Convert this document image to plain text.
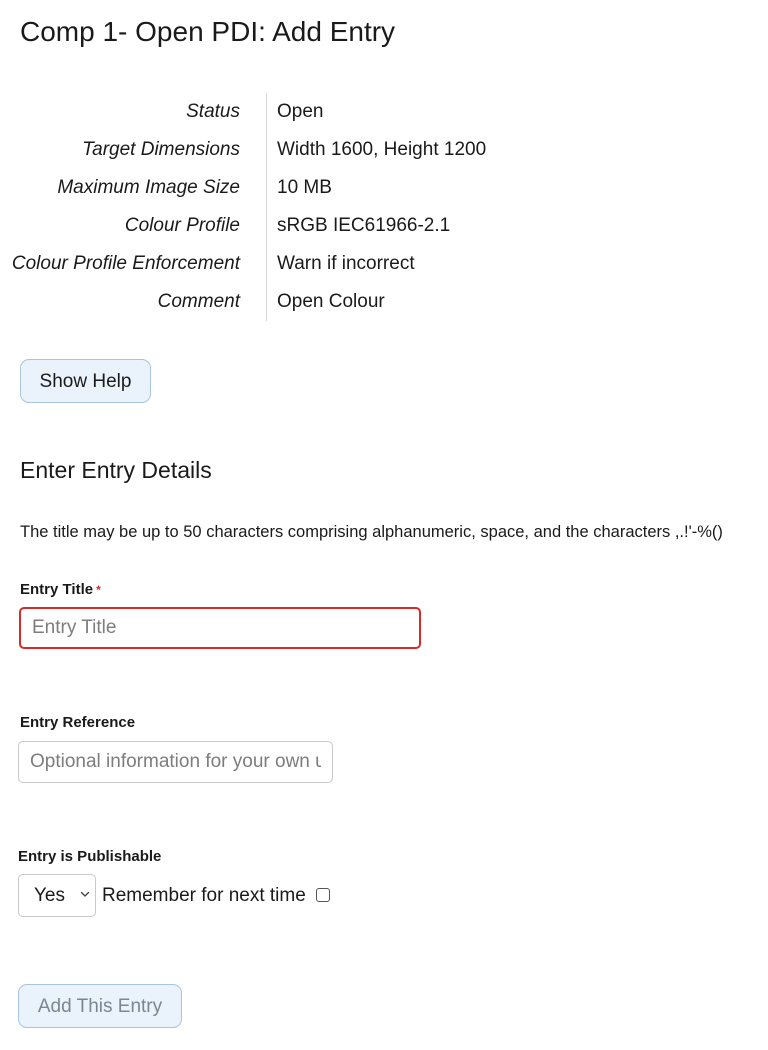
Comp 1- Open PDI: Add Entry
Status Open
Target Dimensions Width 1600, Height 1200
Maximum Image Size 10 MB
Colour Profile sRGB IEC61966-2.1
Colour Profile Enforcement Warn if incorrect
Comment Open Colour
Show Help
Enter Entry Details
The title may be up to 50 characters comprising alphanumeric, space, and the characters ,.!'-%()
Entry Title *
Entry Title
Entry Reference
Optional information for your own use
Entry is Publishable
Yes Remember for next time
Add This Entry
